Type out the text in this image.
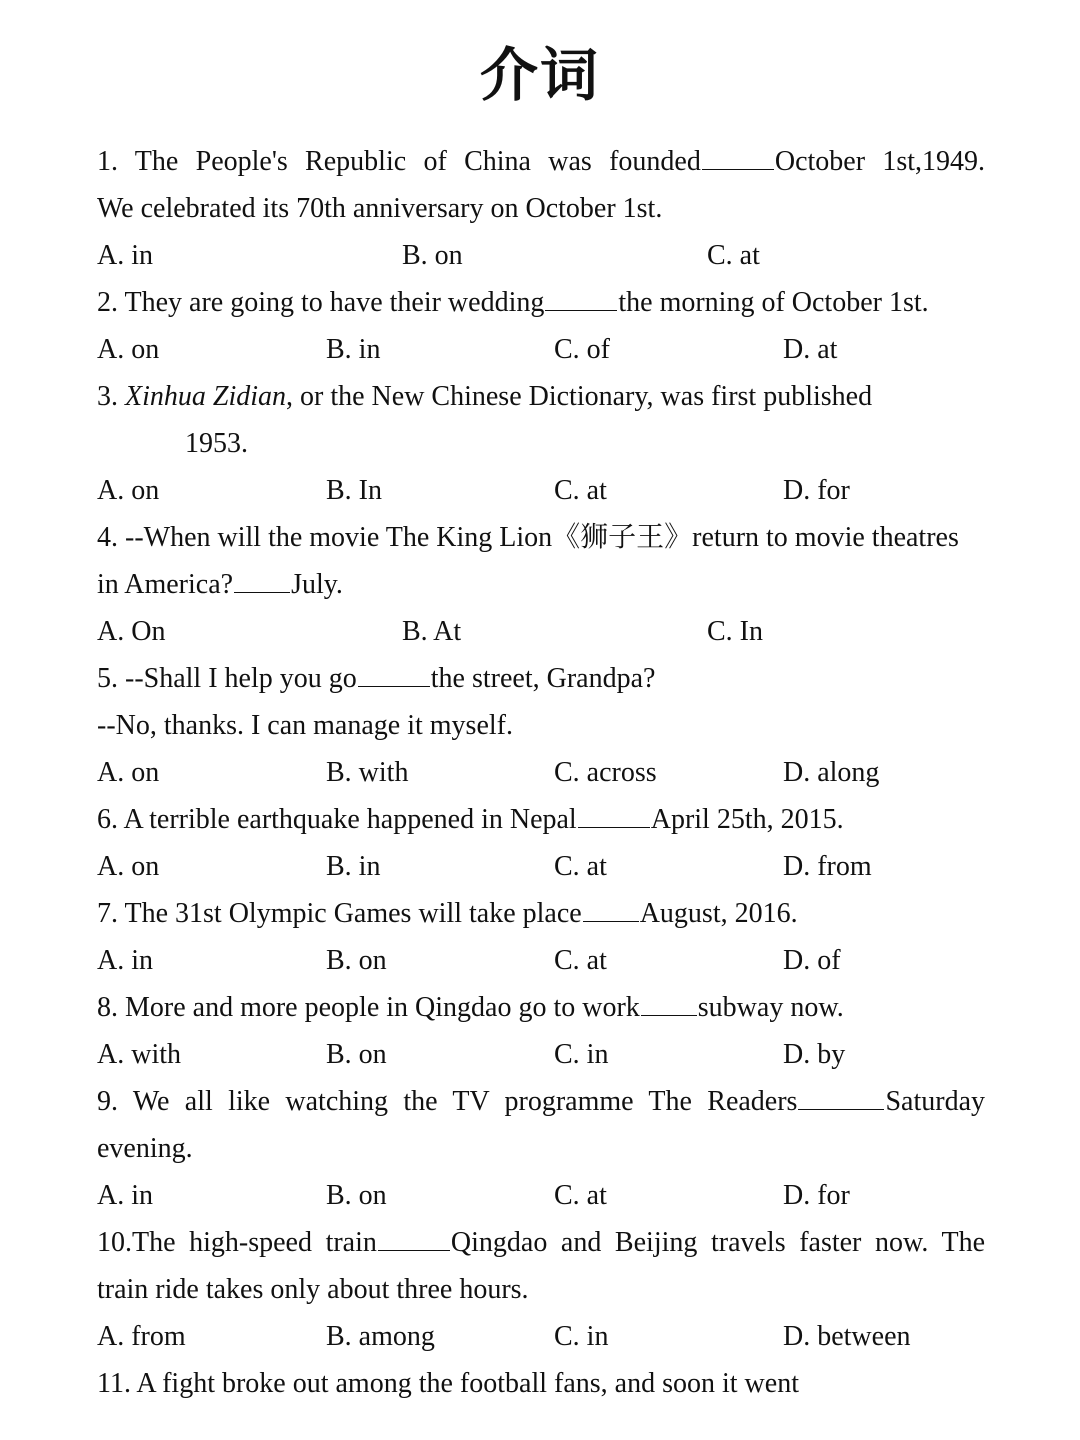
介词
1. The People's Republic of China was founded	October 1st,1949.
We celebrated its 70th anniversary on October 1st.
A. in	B. on	C. at
2. They are going to have their wedding	the morning of October 1st.
A. on	B. in	C. of	D. at
3. Xinhua Zidian, or the New Chinese Dictionary, was first published
1953.
A. on	B. In	C. at	D. for
4. --When will the movie The King Lion《狮子王》return to movie theatres
in America? July.
A. On	B. At	C. In
5. --Shall I help you go	the street, Grandpa?
--No, thanks. I can manage it myself.
A. on	B. with	C. across	D. along
6. A terrible earthquake happened in Nepal	April 25th, 2015.
A. on	B. in	C. at	D. from
7. The 31st Olympic Games will take place August, 2016.
A. in	B. on	C. at	D. of
8. More and more people in Qingdao go to work subway now.
A. with	B. on	C. in	D. by
9. We all like watching the TV programme The Readers	Saturday
evening.
A. in	B. on	C. at	D. for
10.The high-speed train	Qingdao and Beijing travels faster now. The
train ride takes only about three hours.
A. from	B. among	C. in	D. between
11. A fight broke out among the football fans, and soon it went
